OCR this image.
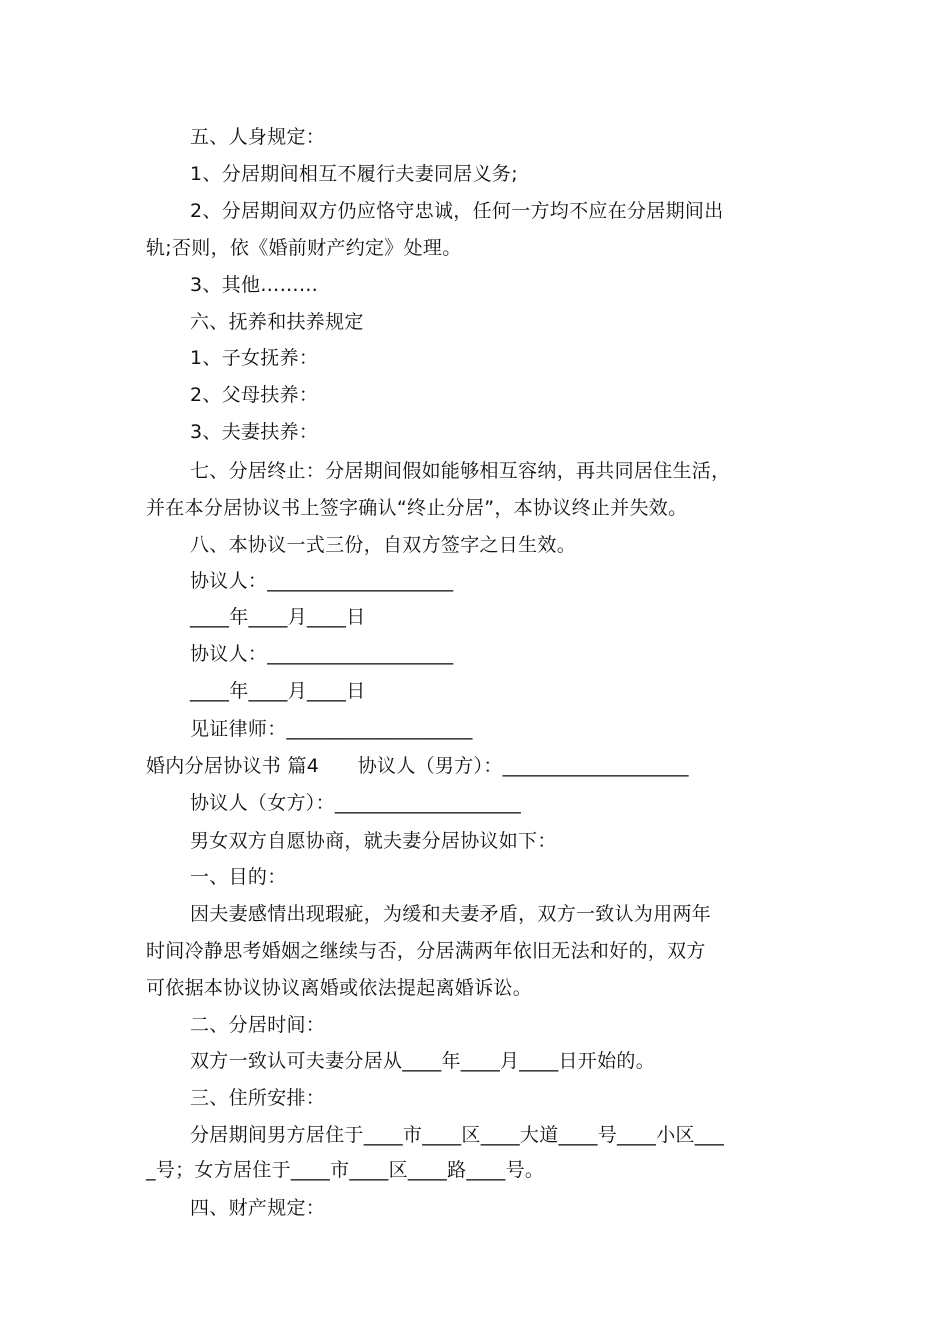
五、人身规定：
1、分居期间相互不履行夫妻同居义务;
2、分居期间双方仍应恪守忠诚，任何一方均不应在分居期间出
轨;否则，依《婚前财产约定》处理。
3、其他………
六、抚养和扶养规定
1、子女抚养：
2、父母扶养：
3、夫妻扶养：
七、分居终止：分居期间假如能够相互容纳，再共同居住生活，
并在本分居协议书上签字确认“终止分居”，本协议终止并失效。
八、本协议一式三份，自双方签字之日生效。
协议人：___________________
____年____月____日
协议人：___________________
____年____月____日
见证律师：___________________
婚内分居协议书 篇4　　协议人（男方）：___________________
协议人（女方）：___________________
男女双方自愿协商，就夫妻分居协议如下：
一、目的：
因夫妻感情出现瑕疵，为缓和夫妻矛盾，双方一致认为用两年
时间冷静思考婚姻之继续与否，分居满两年依旧无法和好的，双方
可依据本协议协议离婚或依法提起离婚诉讼。
二、分居时间：
双方一致认可夫妻分居从____年____月____日开始的。
三、住所安排：
分居期间男方居住于____市____区____大道____号____小区___
_号；女方居住于____市____区____路____号。
四、财产规定：
